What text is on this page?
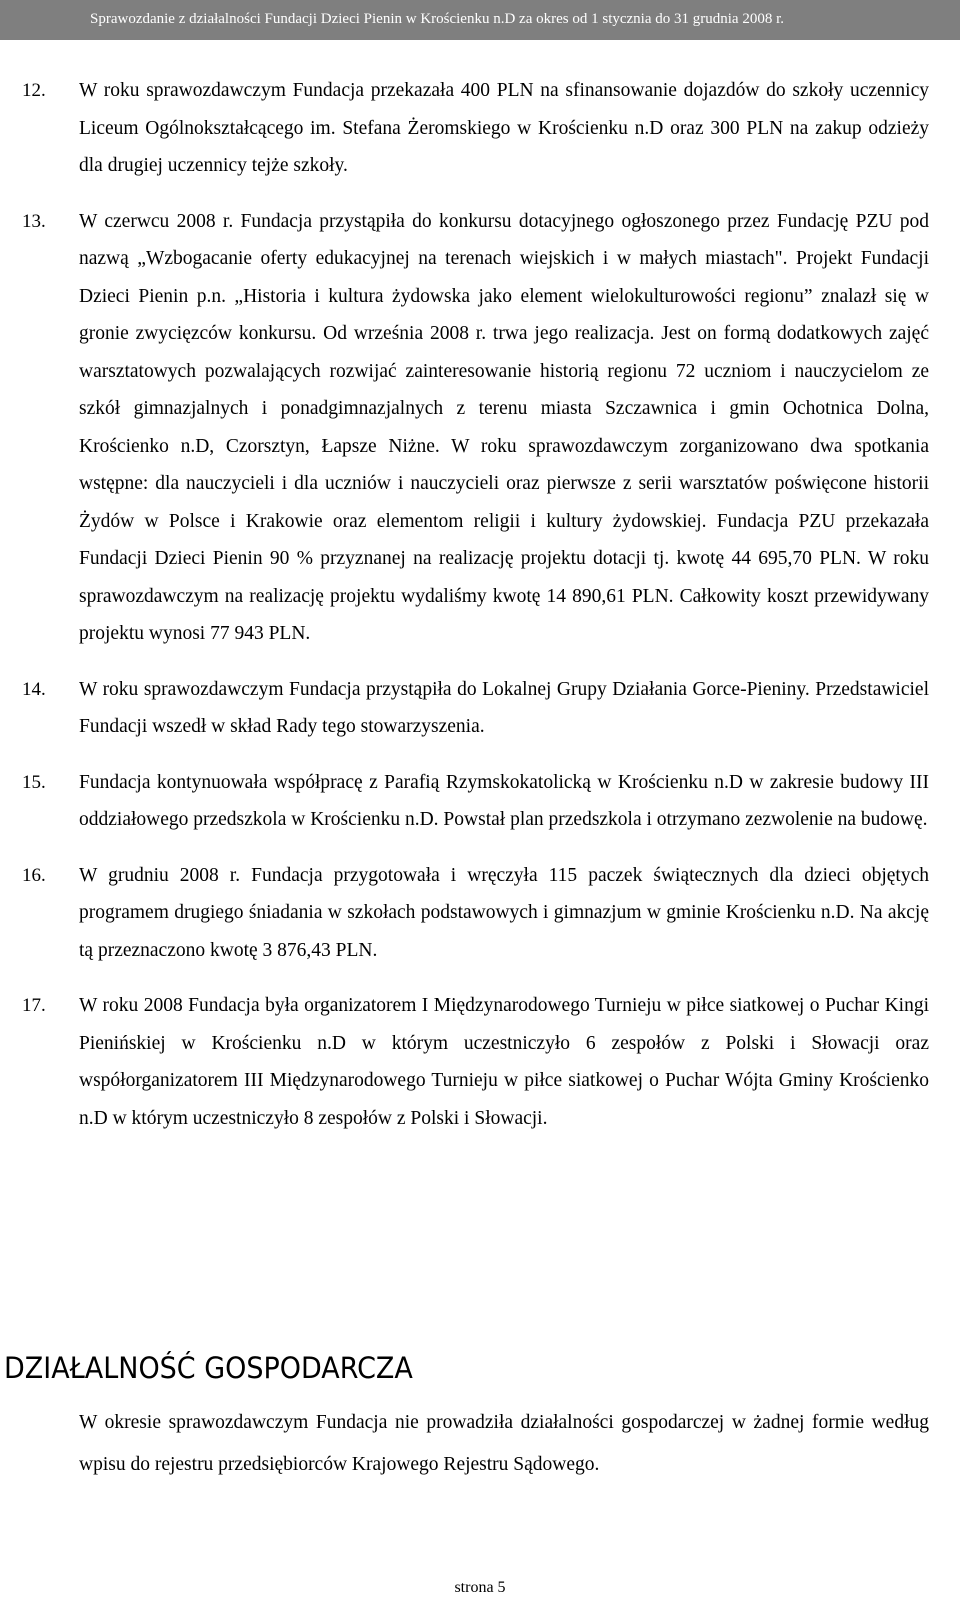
Sprawozdanie z działalności Fundacji Dzieci Pienin w Krościenku n.D za okres od 1 stycznia do 31 grudnia 2008 r.
12. W roku sprawozdawczym Fundacja przekazała 400 PLN na sfinansowanie dojazdów do szkoły uczennicy Liceum Ogólnokształcącego im. Stefana Żeromskiego w Krościenku n.D oraz 300 PLN na zakup odzieży dla drugiej uczennicy tejże szkoły.
13. W czerwcu 2008 r. Fundacja przystąpiła do konkursu dotacyjnego ogłoszonego przez Fundację PZU pod nazwą „Wzbogacanie oferty edukacyjnej na terenach wiejskich i w małych miastach". Projekt Fundacji Dzieci Pienin p.n. „Historia i kultura żydowska jako element wielokulturowości regionu” znalazł się w gronie zwycięzców konkursu. Od września 2008 r. trwa jego realizacja. Jest on formą dodatkowych zajęć warsztatowych pozwalających rozwijać zainteresowanie historią regionu 72 uczniom i nauczycielom ze szkół gimnazjalnych i ponadgimnazjalnych z terenu miasta Szczawnica i gmin Ochotnica Dolna, Krościenko n.D, Czorsztyn, Łapsze Niżne. W roku sprawozdawczym zorganizowano dwa spotkania wstępne: dla nauczycieli i dla uczniów i nauczycieli oraz pierwsze z serii warsztatów poświęcone historii Żydów w Polsce i Krakowie oraz elementom religii i kultury żydowskiej. Fundacja PZU przekazała Fundacji Dzieci Pienin 90 % przyznanej na realizację projektu dotacji tj. kwotę 44 695,70 PLN. W roku sprawozdawczym na realizację projektu wydaliśmy kwotę 14 890,61 PLN. Całkowity koszt przewidywany projektu wynosi 77 943 PLN.
14. W roku sprawozdawczym Fundacja przystąpiła do Lokalnej Grupy Działania Gorce-Pieniny. Przedstawiciel Fundacji wszedł w skład Rady tego stowarzyszenia.
15. Fundacja kontynuowała współpracę z Parafią Rzymskokatolicką w Krościenku n.D w zakresie budowy III oddziałowego przedszkola w Krościenku n.D. Powstał plan przedszkola i otrzymano zezwolenie na budowę.
16. W grudniu 2008 r. Fundacja przygotowała i wręczyła 115 paczek świątecznych dla dzieci objętych programem drugiego śniadania w szkołach podstawowych i gimnazjum w gminie Krościenku n.D. Na akcję tą przeznaczono kwotę 3 876,43 PLN.
17. W roku 2008 Fundacja była organizatorem I Międzynarodowego Turnieju w piłce siatkowej o Puchar Kingi Pienińskiej w Krościenku n.D w którym uczestniczyło 6 zespołów z Polski i Słowacji oraz współorganizatorem III Międzynarodowego Turnieju w piłce siatkowej o Puchar Wójta Gminy Krościenko n.D w którym uczestniczyło 8 zespołów z Polski i Słowacji.
DZIAŁALNOŚĆ GOSPODARCZA
W okresie sprawozdawczym Fundacja nie prowadziła działalności gospodarczej w żadnej formie według wpisu do rejestru przedsiębiorców Krajowego Rejestru Sądowego.
strona 5
